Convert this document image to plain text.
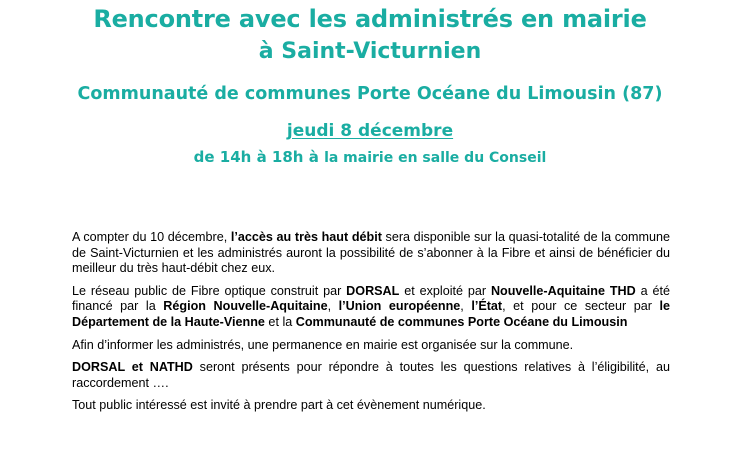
Rencontre avec les administrés en mairie
à Saint-Victurnien
Communauté de communes Porte Océane du Limousin (87)
jeudi 8 décembre
de 14h à 18h à la mairie en salle du Conseil

A compter du 10 décembre, l’accès au très haut débit sera disponible sur la quasi-totalité de la commune de Saint-Victurnien et les administrés auront la possibilité de s’abonner à la Fibre et ainsi de bénéficier du meilleur du très haut-débit chez eux.

Le réseau public de Fibre optique construit par DORSAL et exploité par Nouvelle-Aquitaine THD a été financé par la Région Nouvelle-Aquitaine, l’Union européenne, l’État, et pour ce secteur par le Département de la Haute-Vienne et la Communauté de communes Porte Océane du Limousin

Afin d’informer les administrés, une permanence en mairie est organisée sur la commune.

DORSAL et NATHD seront présents pour répondre à toutes les questions relatives à l’éligibilité, au raccordement ….

Tout public intéressé est invité à prendre part à cet évènement numérique.
